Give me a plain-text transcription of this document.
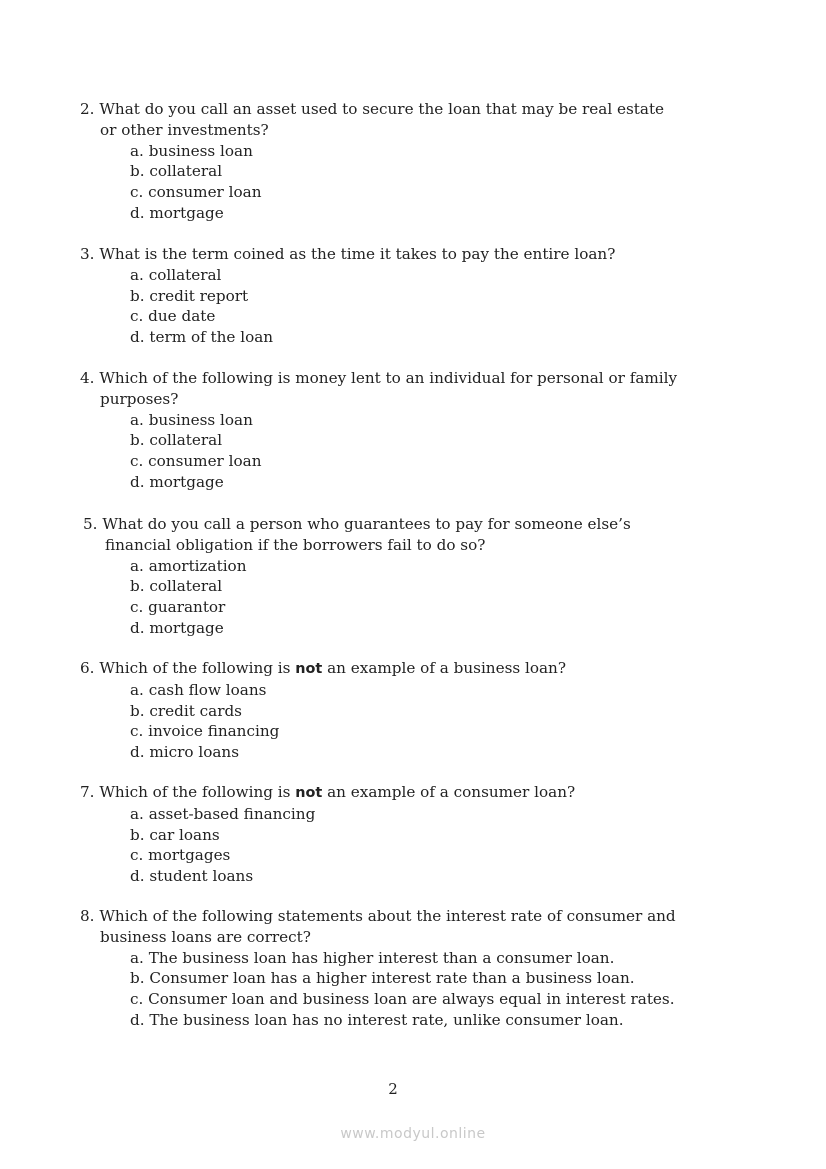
2. What do you call an asset used to secure the loan that may be real estate
or other investments?
a. business loan
b. collateral
c. consumer loan
d. mortgage
3. What is the term coined as the time it takes to pay the entire loan?
a. collateral
b. credit report
c. due date
d. term of the loan
4. Which of the following is money lent to an individual for personal or family
purposes?
a. business loan
b. collateral
c. consumer loan
d. mortgage
5. What do you call a person who guarantees to pay for someone else’s
financial obligation if the borrowers fail to do so?
a. amortization
b. collateral
c. guarantor
d. mortgage
6. Which of the following is not an example of a business loan?
a. cash flow loans
b. credit cards
c. invoice financing
d. micro loans
7. Which of the following is not an example of a consumer loan?
a. asset-based financing
b. car loans
c. mortgages
d. student loans
8. Which of the following statements about the interest rate of consumer and
business loans are correct?
a. The business loan has higher interest than a consumer loan.
b. Consumer loan has a higher interest rate than a business loan.
c. Consumer loan and business loan are always equal in interest rates.
d. The business loan has no interest rate, unlike consumer loan.
2
www.modyul.online
